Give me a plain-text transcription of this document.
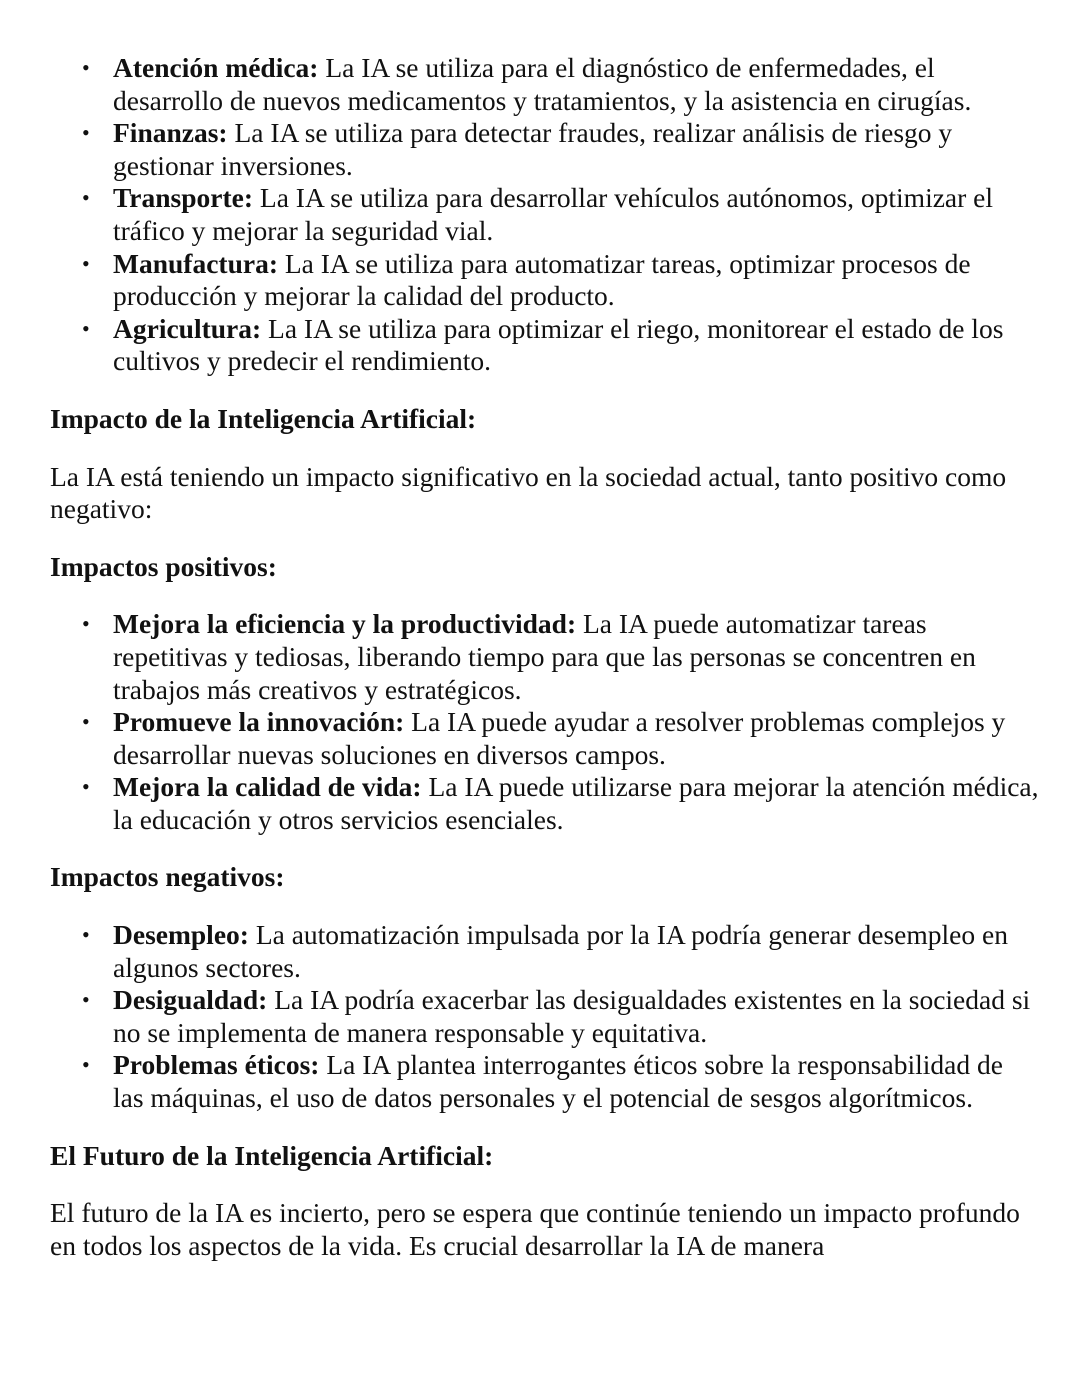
• Atención médica: La IA se utiliza para el diagnóstico de enfermedades, el desarrollo de nuevos medicamentos y tratamientos, y la asistencia en cirugías.
• Finanzas: La IA se utiliza para detectar fraudes, realizar análisis de riesgo y gestionar inversiones.
• Transporte: La IA se utiliza para desarrollar vehículos autónomos, optimizar el tráfico y mejorar la seguridad vial.
• Manufactura: La IA se utiliza para automatizar tareas, optimizar procesos de producción y mejorar la calidad del producto.
• Agricultura: La IA se utiliza para optimizar el riego, monitorear el estado de los cultivos y predecir el rendimiento.

Impacto de la Inteligencia Artificial:

La IA está teniendo un impacto significativo en la sociedad actual, tanto positivo como negativo:

Impactos positivos:

• Mejora la eficiencia y la productividad: La IA puede automatizar tareas repetitivas y tediosas, liberando tiempo para que las personas se concentren en trabajos más creativos y estratégicos.
• Promueve la innovación: La IA puede ayudar a resolver problemas complejos y desarrollar nuevas soluciones en diversos campos.
• Mejora la calidad de vida: La IA puede utilizarse para mejorar la atención médica, la educación y otros servicios esenciales.

Impactos negativos:

• Desempleo: La automatización impulsada por la IA podría generar desempleo en algunos sectores.
• Desigualdad: La IA podría exacerbar las desigualdades existentes en la sociedad si no se implementa de manera responsable y equitativa.
• Problemas éticos: La IA plantea interrogantes éticos sobre la responsabilidad de las máquinas, el uso de datos personales y el potencial de sesgos algorítmicos.

El Futuro de la Inteligencia Artificial:

El futuro de la IA es incierto, pero se espera que continúe teniendo un impacto profundo en todos los aspectos de la vida. Es crucial desarrollar la IA de manera
